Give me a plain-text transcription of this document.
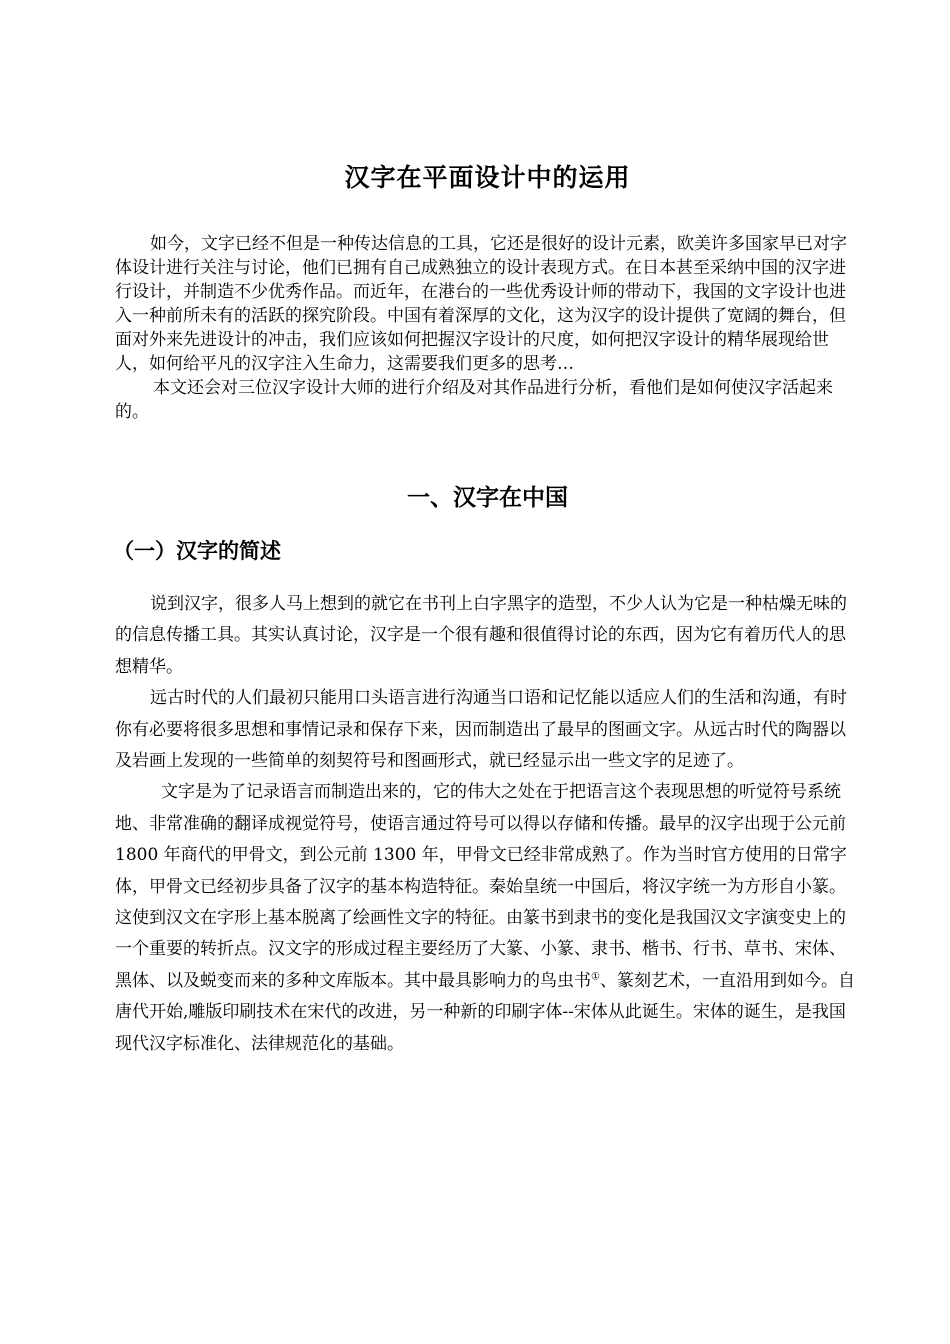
汉字在平面设计中的运用

如今，文字已经不但是一种传达信息的工具，它还是很好的设计元素，欧美许多国家早已对字体设计进行关注与讨论，他们已拥有自己成熟独立的设计表现方式。在日本甚至采纳中国的汉字进行设计，并制造不少优秀作品。而近年，在港台的一些优秀设计师的带动下，我国的文字设计也进入一种前所未有的活跃的探究阶段。中国有着深厚的文化，这为汉字的设计提供了宽阔的舞台，但面对外来先进设计的冲击，我们应该如何把握汉字设计的尺度，如何把汉字设计的精华展现给世人，如何给平凡的汉字注入生命力，这需要我们更多的思考…

本文还会对三位汉字设计大师的进行介绍及对其作品进行分析，看他们是如何使汉字活起来的。

一、汉字在中国
（一）汉字的简述

说到汉字，很多人马上想到的就它在书刊上白字黑字的造型，不少人认为它是一种枯燥无味的的信息传播工具。其实认真讨论，汉字是一个很有趣和很值得讨论的东西，因为它有着历代人的思想精华。

远古时代的人们最初只能用口头语言进行沟通当口语和记忆能以适应人们的生活和沟通，有时你有必要将很多思想和事情记录和保存下来，因而制造出了最早的图画文字。从远古时代的陶器以及岩画上发现的一些简单的刻契符号和图画形式，就已经显示出一些文字的足迹了。

文字是为了记录语言而制造出来的，它的伟大之处在于把语言这个表现思想的听觉符号系统地、非常准确的翻译成视觉符号，使语言通过符号可以得以存储和传播。最早的汉字出现于公元前 1800 年商代的甲骨文，到公元前 1300 年，甲骨文已经非常成熟了。作为当时官方使用的日常字体，甲骨文已经初步具备了汉字的基本构造特征。秦始皇统一中国后，将汉字统一为方形自小篆。这使到汉文在字形上基本脱离了绘画性文字的特征。由篆书到隶书的变化是我国汉文字演变史上的一个重要的转折点。汉文字的形成过程主要经历了大篆、小篆、隶书、楷书、行书、草书、宋体、黑体、以及蜕变而来的多种文库版本。其中最具影响力的鸟虫书①、篆刻艺术，一直沿用到如今。自唐代开始,雕版印刷技术在宋代的改进，另一种新的印刷字体--宋体从此诞生。宋体的诞生，是我国现代汉字标准化、法律规范化的基础。
